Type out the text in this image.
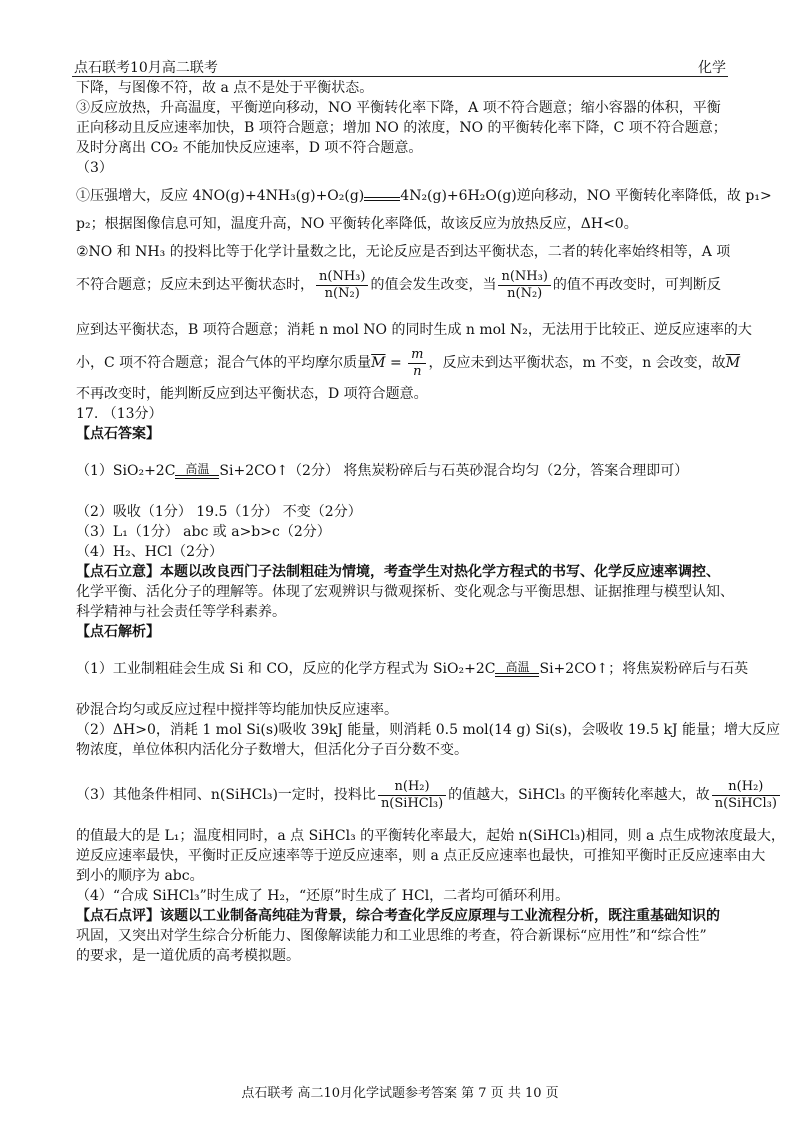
点石联考10月高二联考	化学
下降，与图像不符，故 a 点不是处于平衡状态。
③反应放热，升高温度，平衡逆向移动，NO 平衡转化率下降，A 项不符合题意；缩小容器的体积，平衡
正向移动且反应速率加快，B 项符合题意；增加 NO 的浓度，NO 的平衡转化率下降，C 项不符合题意；
及时分离出 CO₂ 不能加快反应速率，D 项不符合题意。
（3）
①压强增大，反应 4NO(g)+4NH₃(g)+O₂(g)	4N₂(g)+6H₂O(g)逆向移动，NO 平衡转化率降低，故 p₁>
p₂；根据图像信息可知，温度升高，NO 平衡转化率降低，故该反应为放热反应，ΔH<0。
②NO 和 NH₃ 的投料比等于化学计量数之比，无论反应是否到达平衡状态，二者的转化率始终相等，A 项
不符合题意；反应未到达平衡状态时， $\frac{\text{n(NH₃)}}{\text{n(N₂)}}$ 的值会发生改变，当 $\frac{\text{n(NH₃)}}{\text{n(N₂)}}$ 的值不再改变时，可判断反
应到达平衡状态，B 项符合题意；消耗 n mol NO 的同时生成 n mol N₂，无法用于比较正、逆反应速率的大
小，C 项不符合题意；混合气体的平均摩尔质量$\overline{M} = \frac{m}{n}$ ，反应未到达平衡状态，m 不变，n 会改变，故$\overline{M}$
不再改变时，能判断反应到达平衡状态，D 项符合题意。
17. （13分）
【点石答案】
（1）SiO₂+2C 高温 Si+2CO↑（2分） 将焦炭粉碎后与石英砂混合均匀（2分，答案合理即可）
（2）吸收（1分） 19.5（1分） 不变（2分）
（3）L₁（1分） abc 或 a>b>c（2分）
（4）H₂、HCl（2分）
【点石立意】本题以改良西门子法制粗硅为情境，考查学生对热化学方程式的书写、化学反应速率调控、
化学平衡、活化分子的理解等。体现了宏观辨识与微观探析、变化观念与平衡思想、证据推理与模型认知、
科学精神与社会责任等学科素养。
【点石解析】
（1）工业制粗硅会生成 Si 和 CO，反应的化学方程式为 SiO₂+2C 高温 Si+2CO↑；将焦炭粉碎后与石英
砂混合均匀或反应过程中搅拌等均能加快反应速率。
（2）ΔH>0，消耗 1 mol Si(s)吸收 39kJ 能量，则消耗 0.5 mol(14 g) Si(s)，会吸收 19.5 kJ 能量；增大反应
物浓度，单位体积内活化分子数增大，但活化分子百分数不变。
（3）其他条件相同、n(SiHCl₃)一定时，投料比 $\frac{\text{n(H₂)}}{\text{n(SiHCl₃)}}$ 的值越大，SiHCl₃ 的平衡转化率越大，故 $\frac{\text{n(H₂)}}{\text{n(SiHCl₃)}}$
的值最大的是 L₁；温度相同时，a 点 SiHCl₃ 的平衡转化率最大，起始 n(SiHCl₃)相同，则 a 点生成物浓度最大，
逆反应速率最快，平衡时正反应速率等于逆反应速率，则 a 点正反应速率也最快，可推知平衡时正反应速率由大
到小的顺序为 abc。
（4）“合成 SiHCl₃”时生成了 H₂，“还原”时生成了 HCl，二者均可循环利用。
【点石点评】该题以工业制备高纯硅为背景，综合考查化学反应原理与工业流程分析，既注重基础知识的
巩固，又突出对学生综合分析能力、图像解读能力和工业思维的考查，符合新课标“应用性”和“综合性”
的要求，是一道优质的高考模拟题。
点石联考 高二10月化学试题参考答案 第 7 页 共 10 页
